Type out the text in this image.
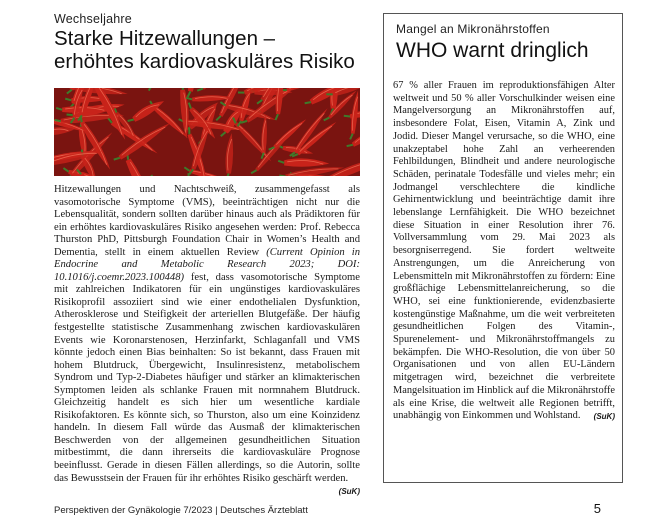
Wechseljahre

Starke Hitzewallungen – erhöhtes kardiovaskuläres Risiko

Hitzewallungen und Nachtschweiß, zusammengefasst als vasomotorische Symptome (VMS), beeinträchtigen nicht nur die Lebensqualität, sondern sollten darüber hinaus auch als Prädiktoren für ein erhöhtes kardiovaskuläres Risiko angesehen werden: Prof. Rebecca Thurston PhD, Pittsburgh Foundation Chair in Women’s Health and Dementia, stellt in einem aktuellen Review (Current Opinion in Endocrine and Metabolic Research 2023; DOI: 10.1016/j.coemr.2023.100448) fest, dass vasomotorische Symptome mit zahlreichen Indikatoren für ein ungünstiges kardiovaskuläres Risikoprofil assoziiert sind wie einer endothelialen Dysfunktion, Atherosklerose und Steifigkeit der arteriellen Blutgefäße. Der häufig festgestellte statistische Zusammenhang zwischen kardiovaskulären Events wie Koronarstenosen, Herzinfarkt, Schlaganfall und VMS könnte jedoch einen Bias beinhalten: So ist bekannt, dass Frauen mit hohem Blutdruck, Übergewicht, Insulinresistenz, metabolischem Syndrom und Typ-2-Diabetes häufiger und stärker an klimakterischen Symptomen leiden als schlanke Frauen mit normnahem Blutdruck. Gleichzeitig handelt es sich hier um wesentliche kardiale Risikofaktoren. Es könnte sich, so Thurston, also um eine Koinzidenz handeln. In diesem Fall würde das Ausmaß der klimakterischen Beschwerden von der allgemeinen gesundheitlichen Situation mitbestimmt, die dann ihrerseits die kardiovaskuläre Prognose beeinflusst. Gerade in diesen Fällen allerdings, so die Autorin, sollte das Bewusstsein der Frauen für ihr erhöhtes Risiko geschärft werden.
(SuK)

Mangel an Mikronährstoffen

WHO warnt dringlich

67 % aller Frauen im reproduktionsfähigen Alter weltweit und 50 % aller Vorschulkinder weisen eine Mangelversorgung an Mikronährstoffen auf, insbesondere Folat, Eisen, Vitamin A, Zink und Jodid. Dieser Mangel verursache, so die WHO, eine unakzeptabel hohe Zahl an verheerenden Fehlbildungen, Blindheit und andere neurologische Schäden, perinatale Todesfälle und vieles mehr; ein Jodmangel verschlechtere die kindliche Gehirnentwicklung und beeinträchtige damit ihre lebenslange Lernfähigkeit. Die WHO bezeichnet diese Situation in einer Resolution ihrer 76. Vollversammlung vom 29. Mai 2023 als besorgniserregend. Sie fordert weltweite Anstrengungen, um die Anreicherung von Lebensmitteln mit Mikronährstoffen zu fördern: Eine großflächige Lebensmittelanreicherung, so die WHO, sei eine funktionierende, evidenzbasierte kostengünstige Maßnahme, um die weit verbreiteten gesundheitlichen Folgen des Vitamin-, Spurenelement- und Mikronährstoffmangels zu bekämpfen. Die WHO-Resolution, die von über 50 Organisationen und von allen EU-Ländern mitgetragen wird, bezeichnet die verbreitete Mangelsituation im Hinblick auf die Mikronährstoffe als eine Krise, die weltweit alle Regionen betrifft, unabhängig von Einkommen und Wohlstand. (SuK)

Perspektiven der Gynäkologie 7/2023 | Deutsches Ärzteblatt	5
